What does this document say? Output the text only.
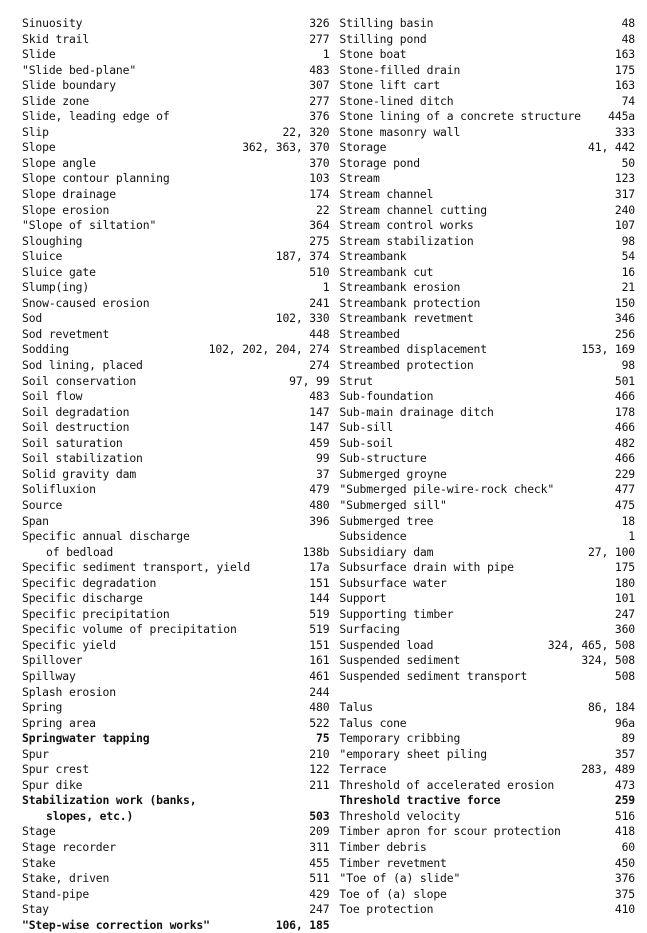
Sinuosity	326
Skid trail	277
Slide	1
"Slide bed-plane"	483
Slide boundary	307
Slide zone	277
Slide, leading edge of	376
Slip	22, 320
Slope	362, 363, 370
Slope angle	370
Slope contour planning	103
Slope drainage	174
Slope erosion	22
"Slope of siltation"	364
Sloughing	275
Sluice	187, 374
Sluice gate	510
Slump(ing)	1
Snow-caused erosion	241
Sod	102, 330
Sod revetment	448
Sodding	102, 202, 204, 274
Sod lining, placed	274
Soil conservation	97, 99
Soil flow	483
Soil degradation	147
Soil destruction	147
Soil saturation	459
Soil stabilization	99
Solid gravity dam	37
Solifluxion	479
Source	480
Span	396
Specific annual discharge
of bedload	138b
Specific sediment transport, yield	17a
Specific degradation	151
Specific discharge	144
Specific precipitation	519
Specific volume of precipitation	519
Specific yield	151
Spillover	161
Spillway	461
Splash erosion	244
Spring	480
Spring area	522
Springwater tapping	75
Spur	210
Spur crest	122
Spur dike	211
Stabilization work (banks,
slopes, etc.)	503
Stage	209
Stage recorder	311
Stake	455
Stake, driven	511
Stand-pipe	429
Stay	247
"Step-wise correction works"	106, 185
Stilling basin	48
Stilling pond	48
Stone boat	163
Stone-filled drain	175
Stone lift cart	163
Stone-lined ditch	74
Stone lining of a concrete structure	445a
Stone masonry wall	333
Storage	41, 442
Storage pond	50
Stream	123
Stream channel	317
Stream channel cutting	240
Stream control works	107
Stream stabilization	98
Streambank	54
Streambank cut	16
Streambank erosion	21
Streambank protection	150
Streambank revetment	346
Streambed	256
Streambed displacement	153, 169
Streambed protection	98
Strut	501
Sub-foundation	466
Sub-main drainage ditch	178
Sub-sill	466
Sub-soil	482
Sub-structure	466
Submerged groyne	229
"Submerged pile-wire-rock check"	477
"Submerged sill"	475
Submerged tree	18
Subsidence	1
Subsidiary dam	27, 100
Subsurface drain with pipe	175
Subsurface water	180
Support	101
Supporting timber	247
Surfacing	360
Suspended load	324, 465, 508
Suspended sediment	324, 508
Suspended sediment transport	508
Talus	86, 184
Talus cone	96a
Temporary cribbing	89
"emporary sheet piling	357
Terrace	283, 489
Threshold of accelerated erosion	473
Threshold tractive force	259
Threshold velocity	516
Timber apron for scour protection	418
Timber debris	60
Timber revetment	450
"Toe of (a) slide"	376
Toe of (a) slope	375
Toe protection	410
